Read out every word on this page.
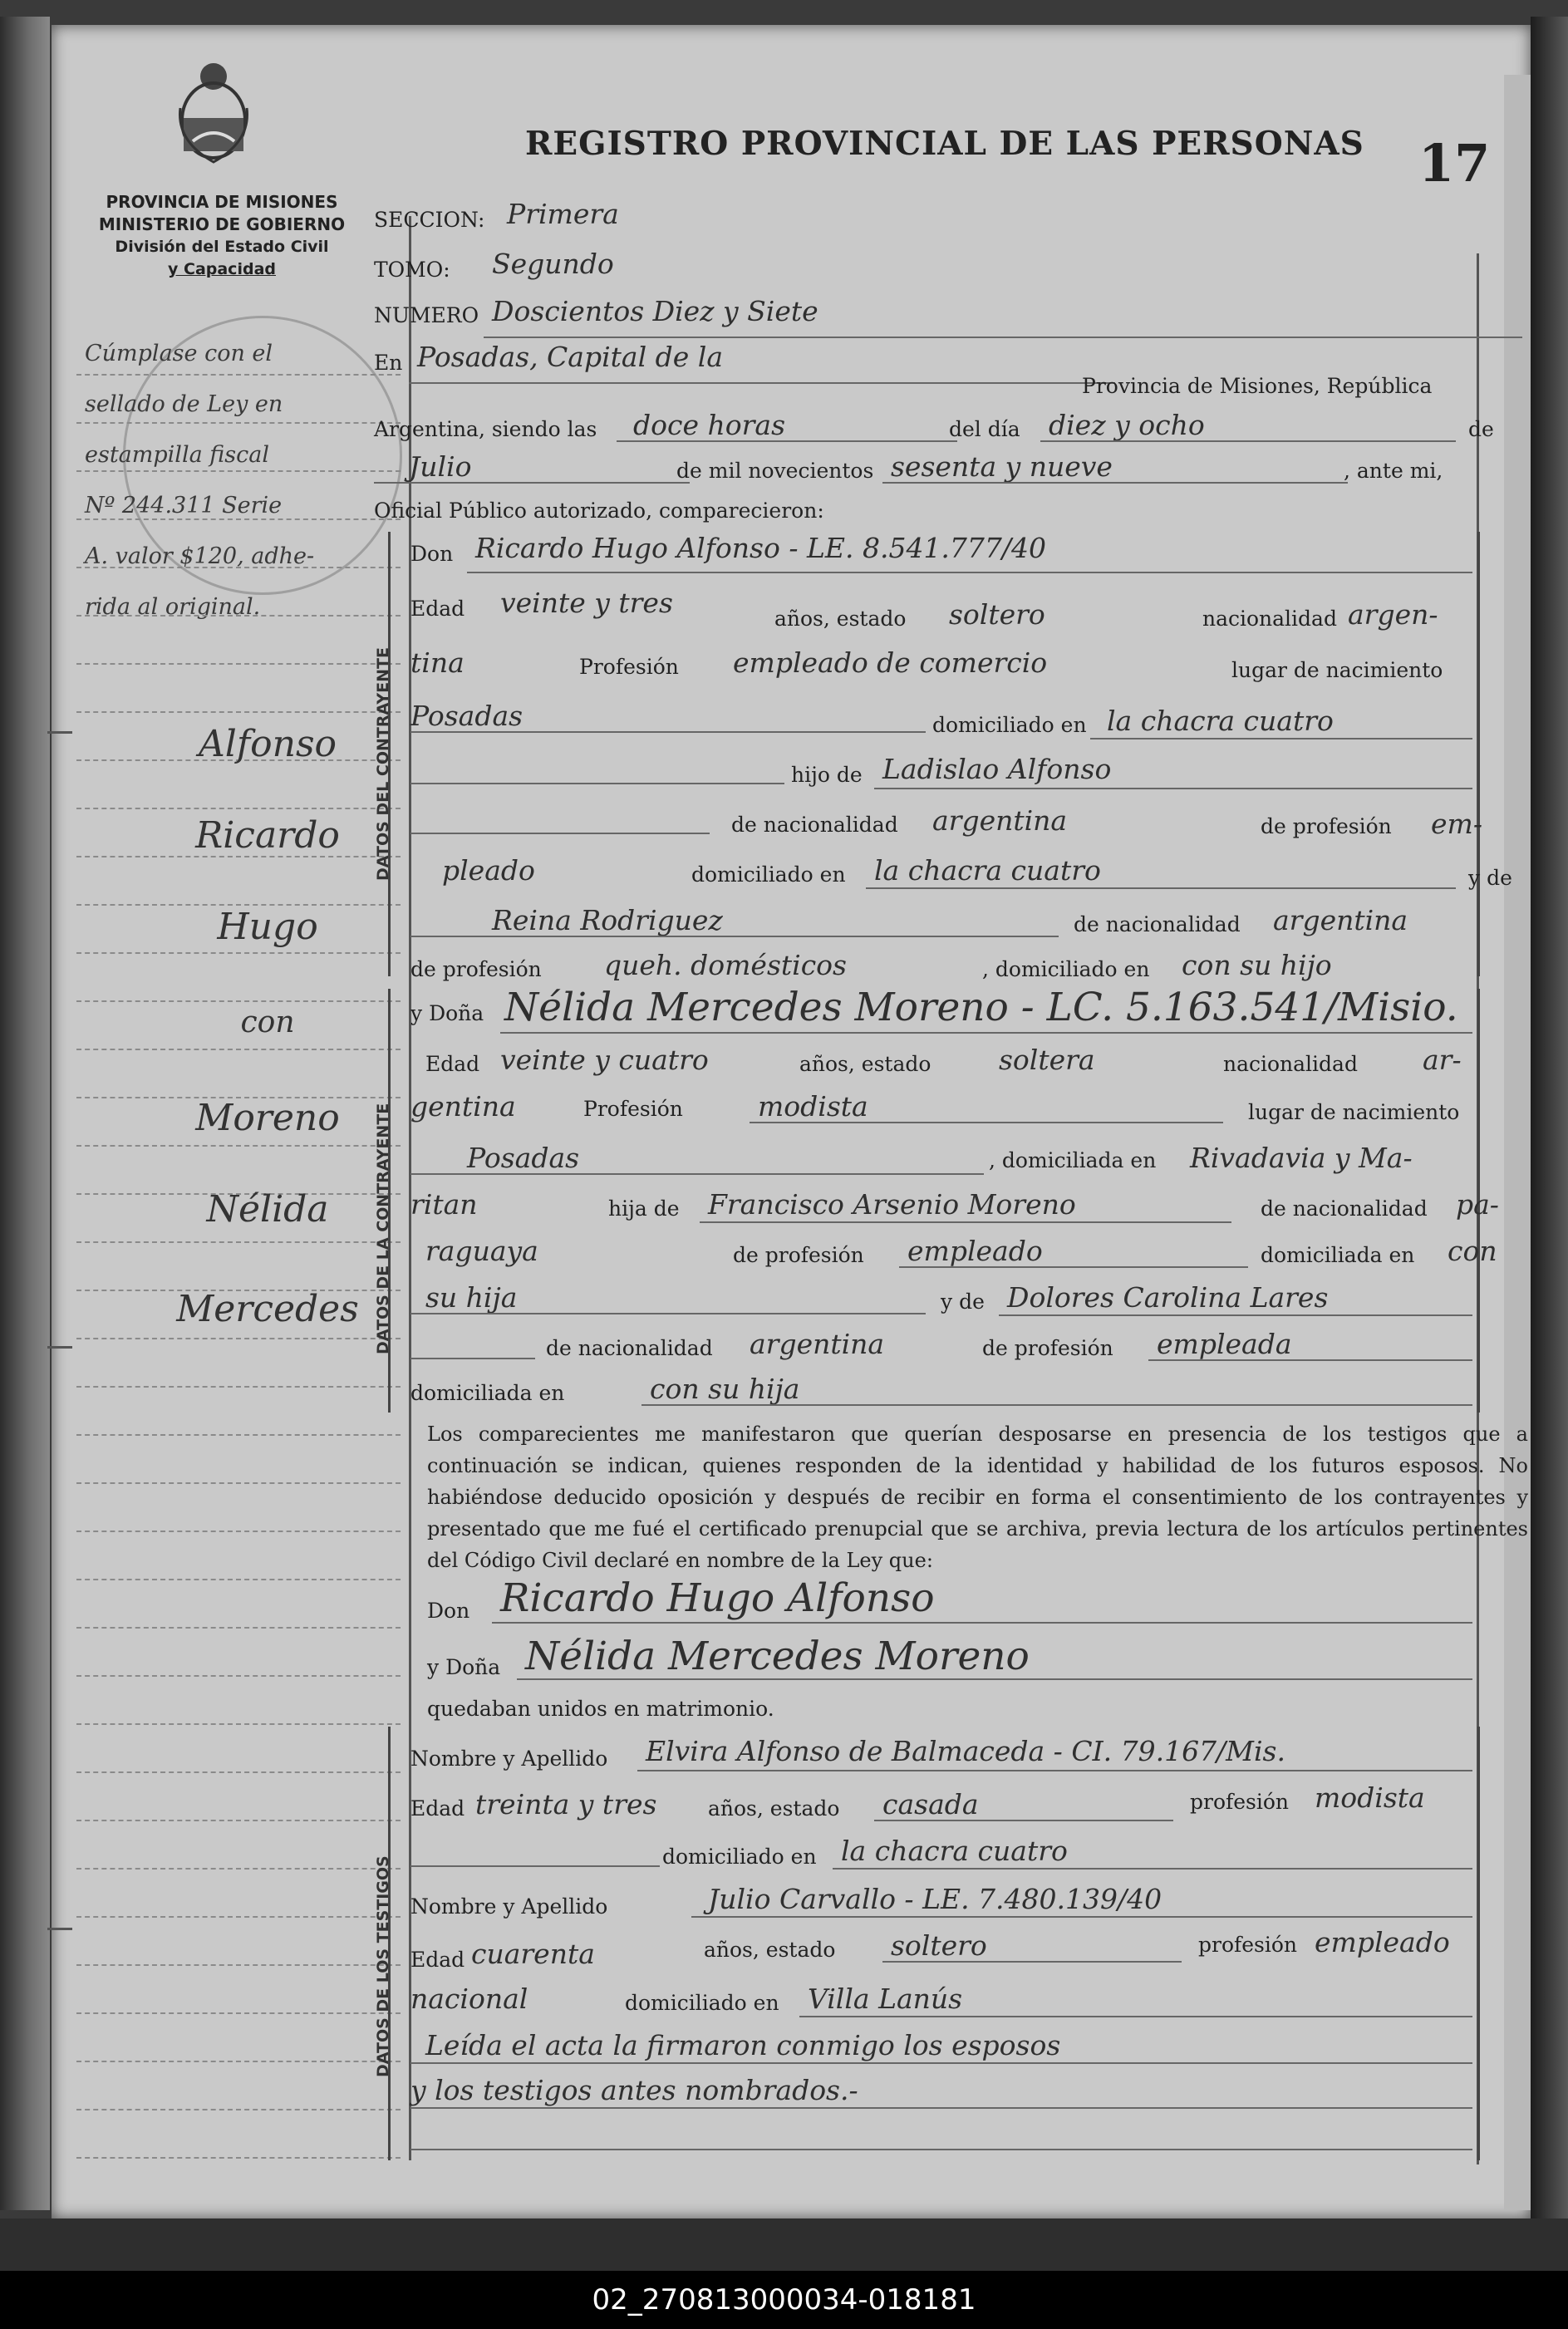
PROVINCIA DE MISIONES
MINISTERIO DE GOBIERNO
División del Estado Civil
y Capacidad
REGISTRO PROVINCIAL DE LAS PERSONAS 17
Cúmplase con el
sellado de Ley en
estampilla fiscal
Nº 244.311 Serie
A. valor $120, adhe-
rida al original.
Alfonso
Ricardo
Hugo
con
Moreno
Nélida
Mercedes
SECCION: Primera
TOMO: Segundo
NUMERO Doscientos Diez y Siete
En Posadas, Capital de la
Provincia de Misiones, República
Argentina, siendo las doce horas	del día diez y ocho	de
Julio	de mil novecientos sesenta y nueve	, ante mi,
Oficial Público autorizado, comparecieron:
DATOS DEL CONTRAYENTE
Don Ricardo Hugo Alfonso - LE. 8.541.777/40
Edad veinte y tres	años, estado soltero	nacionalidad argen-
tina	Profesión empleado de comercio	lugar de nacimiento
Posadas	domiciliado en la chacra cuatro
hijo de Ladislao Alfonso
de nacionalidad argentina	de profesión em-
pleado	domiciliado en la chacra cuatro	y de
Reina Rodriguez	de nacionalidad argentina
de profesión queh. domésticos	, domiciliado en con su hijo
DATOS DE LA CONTRAYENTE
y Doña Nélida Mercedes Moreno - LC. 5.163.541/Misio.
Edad veinte y cuatro	años, estado soltera	nacionalidad ar-
gentina	Profesión	modista	lugar de nacimiento
Posadas	, domiciliada en Rivadavia y Ma-
ritan	hija de Francisco Arsenio Moreno	de nacionalidad pa-
raguaya	de profesión empleado	domiciliada en con
su hija	y de Dolores Carolina Lares
de nacionalidad argentina	de profesión empleada
domiciliada en	con su hija
Los comparecientes me manifestaron que querían desposarse en presencia de los testigos que a continuación se indican, quienes responden de la identidad y habilidad de los futuros esposos. No habiéndose deducido oposición y después de recibir en forma el consentimiento de los contrayentes y presentado que me fué el certificado prenupcial que se archiva, previa lectura de los artículos pertinentes del Código Civil declaré en nombre de la Ley que:
Don Ricardo Hugo Alfonso
y Doña Nélida Mercedes Moreno
quedaban unidos en matrimonio.
DATOS DE LOS TESTIGOS
Nombre y Apellido Elvira Alfonso de Balmaceda - CI. 79.167/Mis.
Edad treinta y tres años, estado casada	profesión modista
domiciliado en la chacra cuatro
Nombre y Apellido	Julio Carvallo - LE. 7.480.139/40
Edad cuarenta	años, estado soltero	profesión empleado
nacional	domiciliado en Villa Lanús
Leída el acta la firmaron conmigo los esposos
y los testigos antes nombrados.-
02_270813000034-018181
